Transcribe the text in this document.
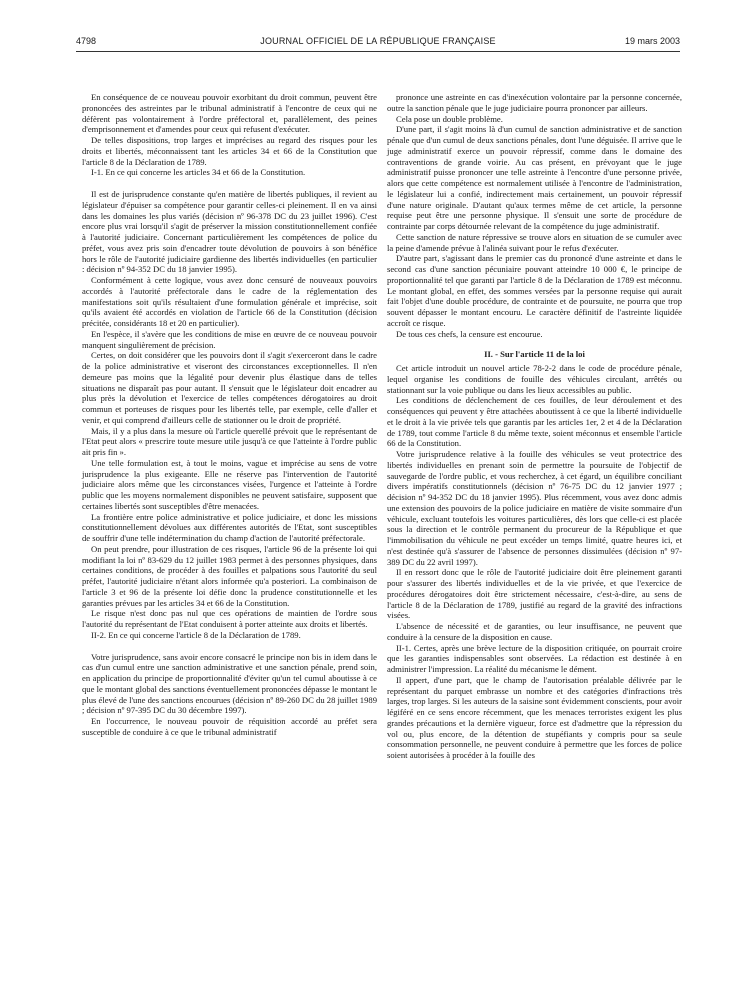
4798	JOURNAL OFFICIEL DE LA RÉPUBLIQUE FRANÇAISE	19 mars 2003

En conséquence de ce nouveau pouvoir exorbitant du droit commun, peuvent être prononcées des astreintes par le tribunal administratif à l'encontre de ceux qui ne défèrent pas volontairement à l'ordre préfectoral et, parallèlement, des peines d'emprisonnement et d'amendes pour ceux qui refusent d'exécuter.

De telles dispositions, trop larges et imprécises au regard des risques pour les droits et libertés, méconnaissent tant les articles 34 et 66 de la Constitution que l'article 8 de la Déclaration de 1789.

I-1. En ce qui concerne les articles 34 et 66 de la Constitution.

Il est de jurisprudence constante qu'en matière de libertés publiques, il revient au législateur d'épuiser sa compétence pour garantir celles-ci pleinement. Il en va ainsi dans les domaines les plus variés (décision nº 96-378 DC du 23 juillet 1996). C'est encore plus vrai lorsqu'il s'agit de préserver la mission constitutionnellement confiée à l'autorité judiciaire. Concernant particulièrement les compétences de police du préfet, vous avez pris soin d'encadrer toute dévolution de pouvoirs à son bénéfice hors le rôle de l'autorité judiciaire gardienne des libertés individuelles (en particulier : décision nº 94-352 DC du 18 janvier 1995).

Conformément à cette logique, vous avez donc censuré de nouveaux pouvoirs accordés à l'autorité préfectorale dans le cadre de la réglementation des manifestations soit qu'ils résultaient d'une formulation générale et imprécise, soit qu'ils avaient été accordés en violation de l'article 66 de la Constitution (décision précitée, considérants 18 et 20 en particulier).

En l'espèce, il s'avère que les conditions de mise en œuvre de ce nouveau pouvoir manquent singulièrement de précision.

Certes, on doit considérer que les pouvoirs dont il s'agit s'exerceront dans le cadre de la police administrative et viseront des circonstances exceptionnelles. Il n'en demeure pas moins que la légalité pour devenir plus élastique dans de telles situations ne disparaît pas pour autant. Il s'ensuit que le législateur doit encadrer au plus près la dévolution et l'exercice de telles compétences dérogatoires au droit commun et porteuses de risques pour les libertés telle, par exemple, celle d'aller et venir, et qui comprend d'ailleurs celle de stationner ou le droit de propriété.

Mais, il y a plus dans la mesure où l'article querellé prévoit que le représentant de l'Etat peut alors « prescrire toute mesure utile jusqu'à ce que l'atteinte à l'ordre public ait pris fin ».

Une telle formulation est, à tout le moins, vague et imprécise au sens de votre jurisprudence la plus exigeante. Elle ne réserve pas l'intervention de l'autorité judiciaire alors même que les circonstances visées, l'urgence et l'atteinte à l'ordre public que les moyens normalement disponibles ne peuvent satisfaire, supposent que certaines libertés sont susceptibles d'être menacées.

La frontière entre police administrative et police judiciaire, et donc les missions constitutionnellement dévolues aux différentes autorités de l'Etat, sont susceptibles de souffrir d'une telle indétermination du champ d'action de l'autorité préfectorale.

On peut prendre, pour illustration de ces risques, l'article 96 de la présente loi qui modifiant la loi nº 83-629 du 12 juillet 1983 permet à des personnes physiques, dans certaines conditions, de procéder à des fouilles et palpations sous l'autorité du seul préfet, l'autorité judiciaire n'étant alors informée qu'a posteriori. La combinaison de l'article 3 et 96 de la présente loi défie donc la prudence constitutionnelle et les garanties prévues par les articles 34 et 66 de la Constitution.

Le risque n'est donc pas nul que ces opérations de maintien de l'ordre sous l'autorité du représentant de l'Etat conduisent à porter atteinte aux droits et libertés.

II-2. En ce qui concerne l'article 8 de la Déclaration de 1789.

Votre jurisprudence, sans avoir encore consacré le principe non bis in idem dans le cas d'un cumul entre une sanction administrative et une sanction pénale, prend soin, en application du principe de proportionnalité d'éviter qu'un tel cumul aboutisse à ce que le montant global des sanctions éventuellement prononcées dépasse le montant le plus élevé de l'une des sanctions encourues (décision nº 89-260 DC du 28 juillet 1989 ; décision nº 97-395 DC du 30 décembre 1997).

En l'occurrence, le nouveau pouvoir de réquisition accordé au préfet sera susceptible de conduire à ce que le tribunal administratif

prononce une astreinte en cas d'inexécution volontaire par la personne concernée, outre la sanction pénale que le juge judiciaire pourra prononcer par ailleurs.

Cela pose un double problème.

D'une part, il s'agit moins là d'un cumul de sanction administrative et de sanction pénale que d'un cumul de deux sanctions pénales, dont l'une déguisée. Il arrive que le juge administratif exerce un pouvoir répressif, comme dans le domaine des contraventions de grande voirie. Au cas présent, en prévoyant que le juge administratif puisse prononcer une telle astreinte à l'encontre d'une personne privée, alors que cette compétence est normalement utilisée à l'encontre de l'administration, le législateur lui a confié, indirectement mais certainement, un pouvoir répressif d'une nature originale. D'autant qu'aux termes même de cet article, la personne requise peut être une personne physique. Il s'ensuit une sorte de procédure de contrainte par corps détournée relevant de la compétence du juge administratif.

Cette sanction de nature répressive se trouve alors en situation de se cumuler avec la peine d'amende prévue à l'alinéa suivant pour le refus d'exécuter.

D'autre part, s'agissant dans le premier cas du prononcé d'une astreinte et dans le second cas d'une sanction pécuniaire pouvant atteindre 10 000 €, le principe de proportionnalité tel que garanti par l'article 8 de la Déclaration de 1789 est méconnu. Le montant global, en effet, des sommes versées par la personne requise qui aurait fait l'objet d'une double procédure, de contrainte et de poursuite, ne pourra que trop souvent dépasser le montant encouru. Le caractère définitif de l'astreinte liquidée accroît ce risque.

De tous ces chefs, la censure est encourue.

II. - Sur l'article 11 de la loi

Cet article introduit un nouvel article 78-2-2 dans le code de procédure pénale, lequel organise les conditions de fouille des véhicules circulant, arrêtés ou stationnant sur la voie publique ou dans les lieux accessibles au public.

Les conditions de déclenchement de ces fouilles, de leur déroulement et des conséquences qui peuvent y être attachées aboutissent à ce que la liberté individuelle et le droit à la vie privée tels que garantis par les articles 1er, 2 et 4 de la Déclaration de 1789, tout comme l'article 8 du même texte, soient méconnus et ensemble l'article 66 de la Constitution.

Votre jurisprudence relative à la fouille des véhicules se veut protectrice des libertés individuelles en prenant soin de permettre la poursuite de l'objectif de sauvegarde de l'ordre public, et vous recherchez, à cet égard, un équilibre conciliant divers impératifs constitutionnels (décision nº 76-75 DC du 12 janvier 1977 ; décision nº 94-352 DC du 18 janvier 1995). Plus récemment, vous avez donc admis une extension des pouvoirs de la police judiciaire en matière de visite sommaire d'un véhicule, excluant toutefois les voitures particulières, dès lors que celle-ci est placée sous la direction et le contrôle permanent du procureur de la République et que l'immobilisation du véhicule ne peut excéder un temps limité, quatre heures ici, et n'est destinée qu'à s'assurer de l'absence de personnes dissimulées (décision nº 97-389 DC du 22 avril 1997).

Il en ressort donc que le rôle de l'autorité judiciaire doit être pleinement garanti pour s'assurer des libertés individuelles et de la vie privée, et que l'exercice de procédures dérogatoires doit être strictement nécessaire, c'est-à-dire, au sens de l'article 8 de la Déclaration de 1789, justifié au regard de la gravité des infractions visées.

L'absence de nécessité et de garanties, ou leur insuffisance, ne peuvent que conduire à la censure de la disposition en cause.

II-1. Certes, après une brève lecture de la disposition critiquée, on pourrait croire que les garanties indispensables sont observées. La rédaction est destinée à en administrer l'impression. La réalité du mécanisme le dément.

Il appert, d'une part, que le champ de l'autorisation préalable délivrée par le représentant du parquet embrasse un nombre et des catégories d'infractions très larges, trop larges. Si les auteurs de la saisine sont évidemment conscients, pour avoir légiféré en ce sens encore récemment, que les menaces terroristes exigent les plus grandes précautions et la dernière vigueur, force est d'admettre que la répression du vol ou, plus encore, de la détention de stupéfiants y compris pour sa seule consommation personnelle, ne peuvent conduire à permettre que les forces de police soient autorisées à procéder à la fouille des
